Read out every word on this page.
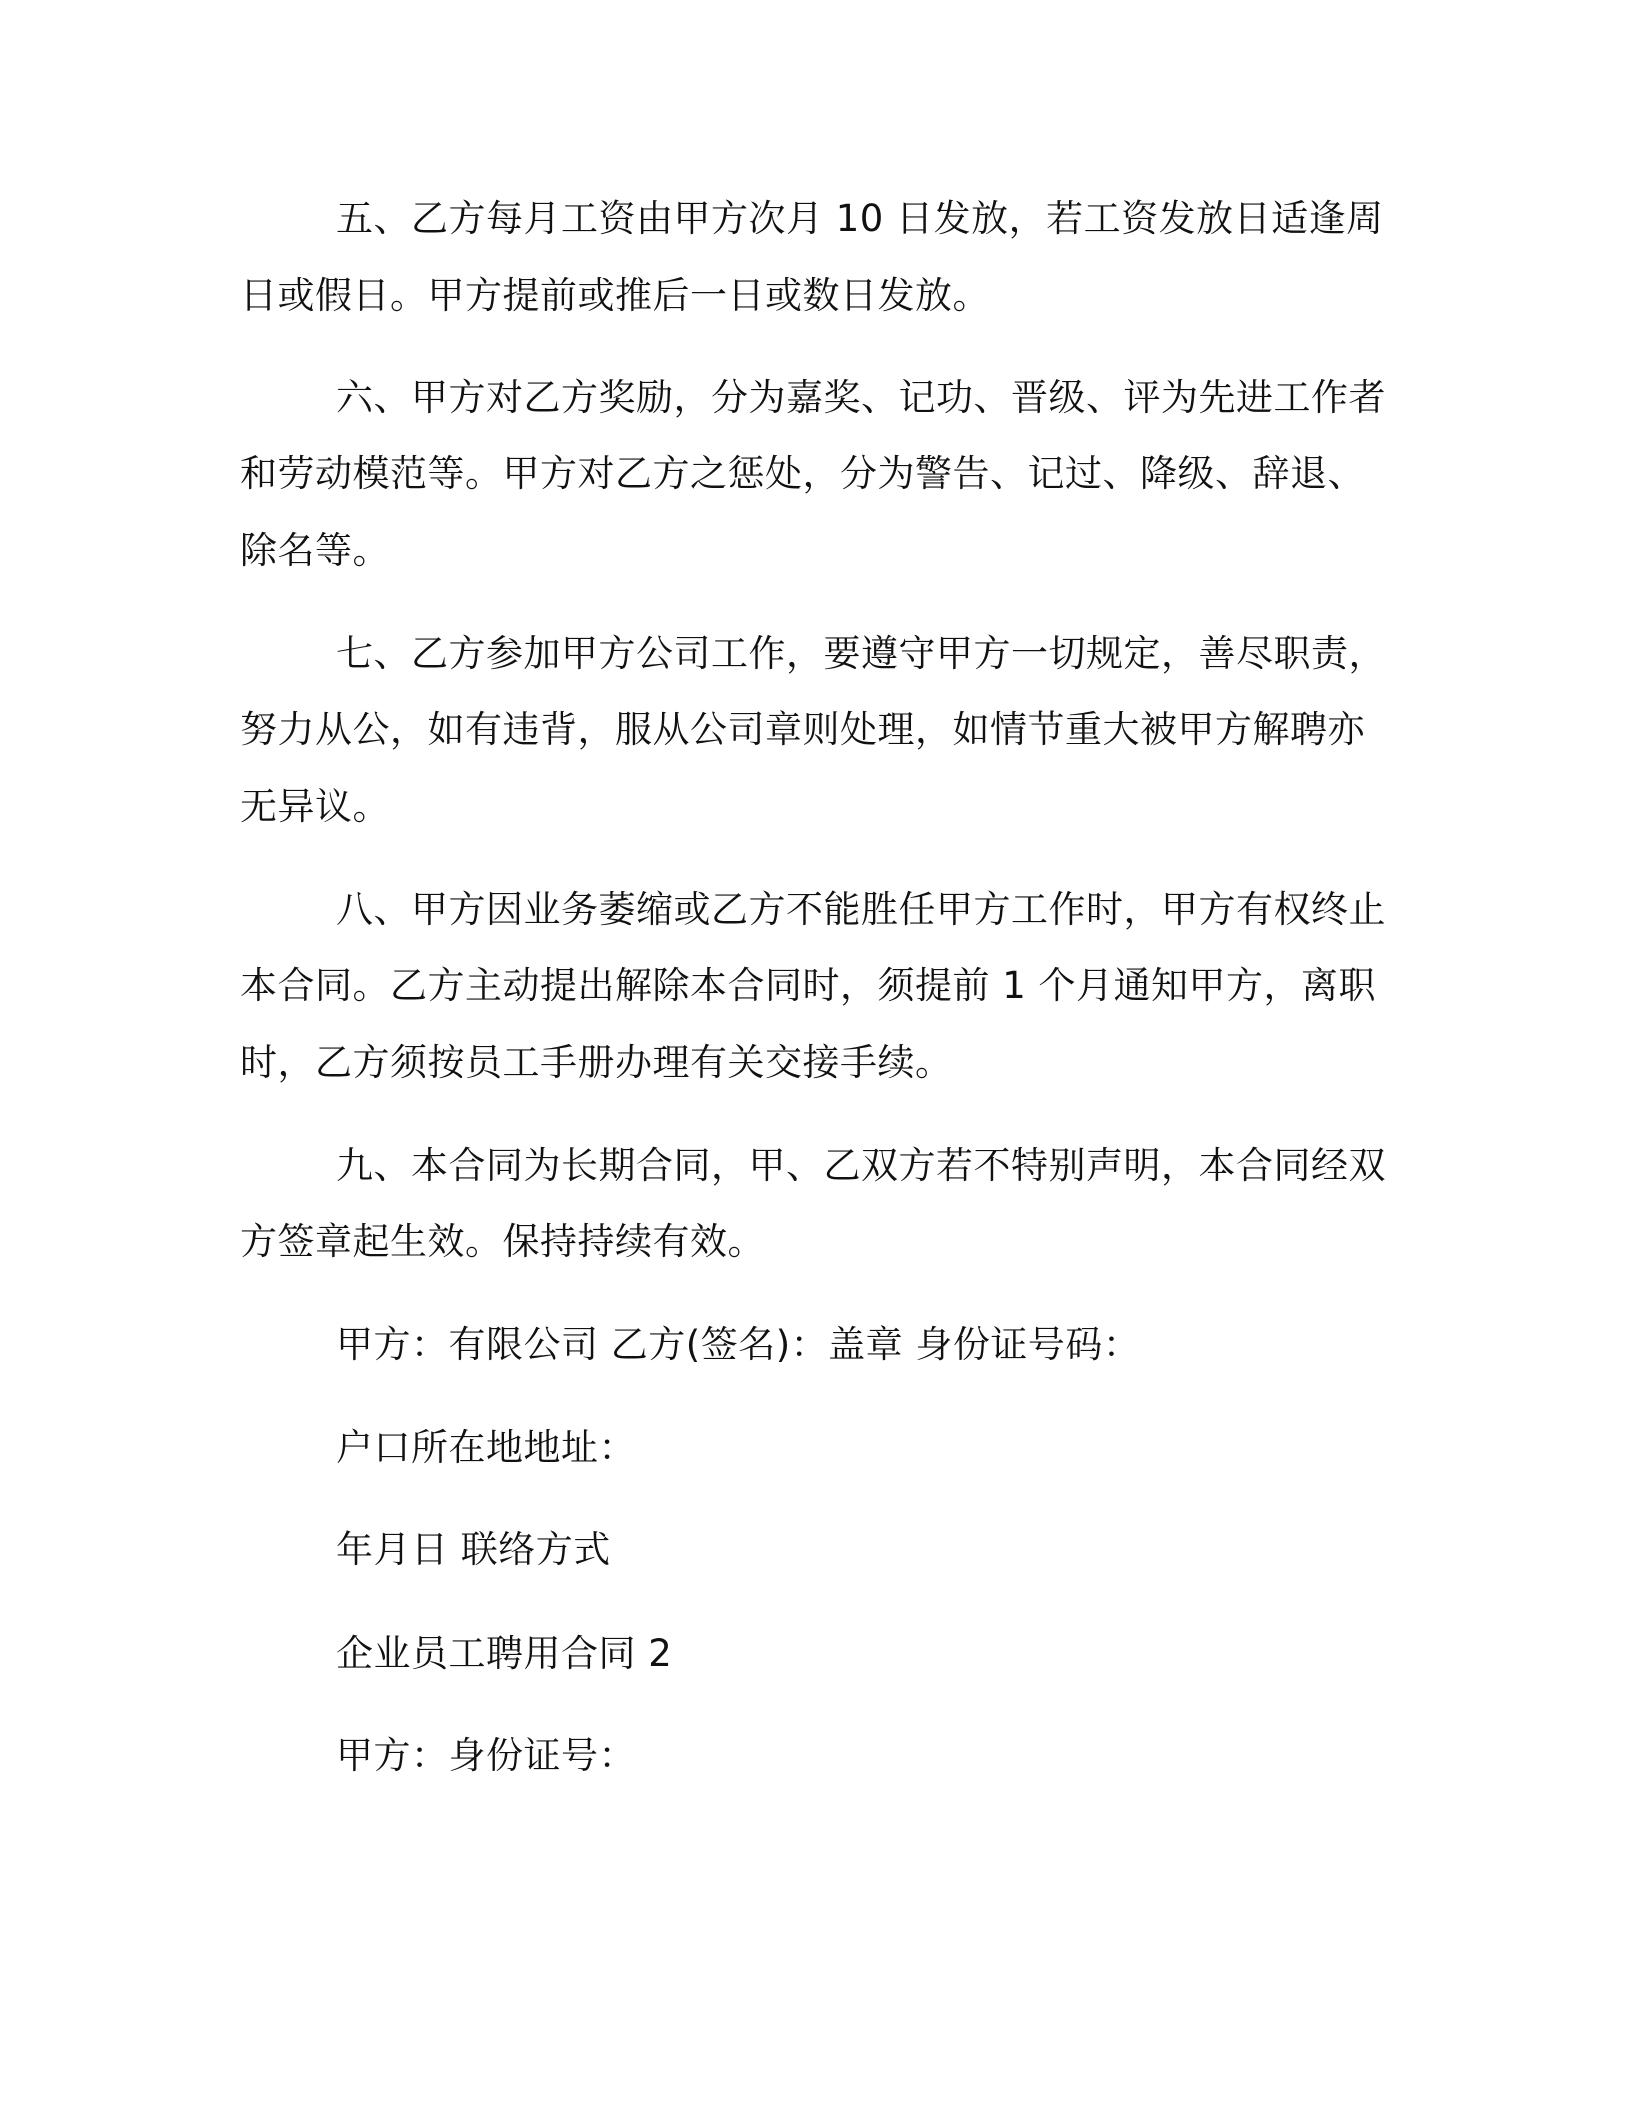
五、乙方每月工资由甲方次月 10 日发放，若工资发放日适逢周
日或假日。甲方提前或推后一日或数日发放。
六、甲方对乙方奖励，分为嘉奖、记功、晋级、评为先进工作者
和劳动模范等。甲方对乙方之惩处，分为警告、记过、降级、辞退、
除名等。
七、乙方参加甲方公司工作，要遵守甲方一切规定，善尽职责，
努力从公，如有违背，服从公司章则处理，如情节重大被甲方解聘亦
无异议。
八、甲方因业务萎缩或乙方不能胜任甲方工作时，甲方有权终止
本合同。乙方主动提出解除本合同时，须提前 1 个月通知甲方，离职
时，乙方须按员工手册办理有关交接手续。
九、本合同为长期合同，甲、乙双方若不特别声明，本合同经双
方签章起生效。保持持续有效。
甲方：有限公司 乙方(签名)：盖章 身份证号码：
户口所在地地址：
年月日 联络方式
企业员工聘用合同 2
甲方：身份证号：
